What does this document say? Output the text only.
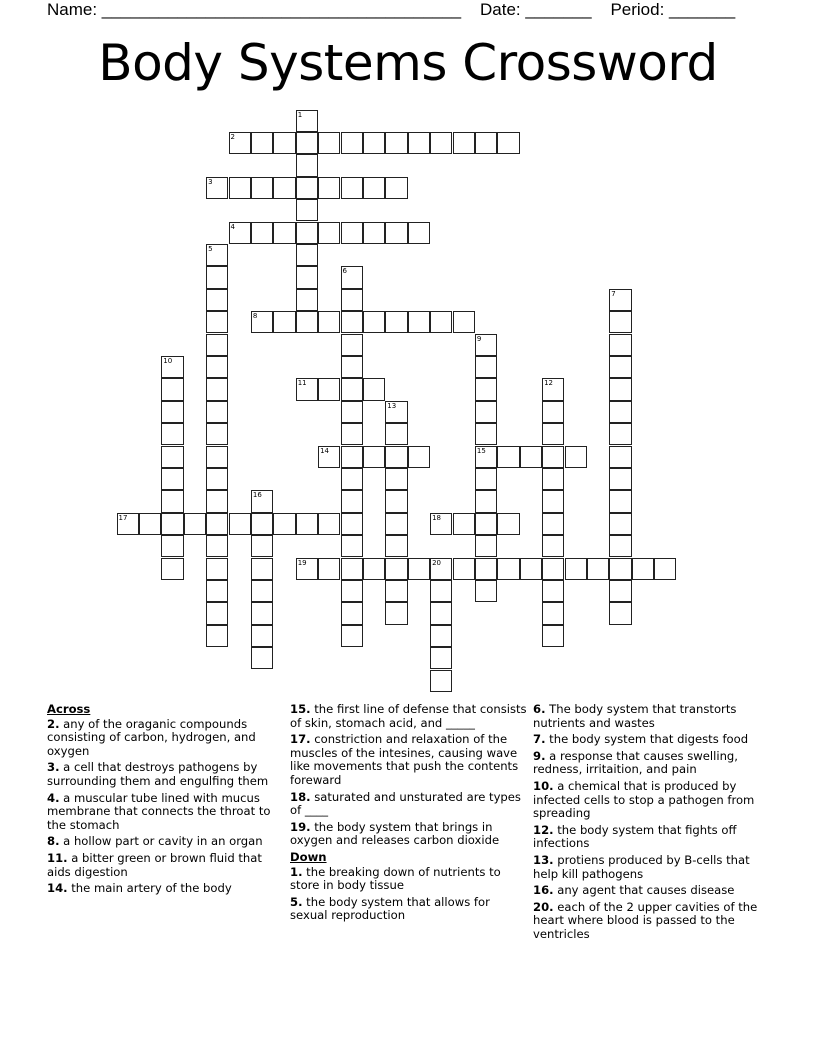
Name: ______________________________________ Date: _______ Period: _______
Body Systems Crossword
1
2
3
4
5
6
7
8
9
15
10
11	12
13
14
16
17	18
19	20
Across
2. any of the oraganic compounds consisting of carbon, hydrogen, and oxygen
3. a cell that destroys pathogens by surrounding them and engulfing them
4. a muscular tube lined with mucus membrane that connects the throat to the stomach
8. a hollow part or cavity in an organ
11. a bitter green or brown fluid that aids digestion
14. the main artery of the body
15. the first line of defense that consists of skin, stomach acid, and _____
17. constriction and relaxation of the muscles of the intesines, causing wave like movements that push the contents foreward
18. saturated and unsturated are types of ____
19. the body system that brings in oxygen and releases carbon dioxide
Down
1. the breaking down of nutrients to store in body tissue
5. the body system that allows for sexual reproduction
6. The body system that transtorts nutrients and wastes
7. the body system that digests food
9. a response that causes swelling, redness, irritaition, and pain
10. a chemical that is produced by infected cells to stop a pathogen from spreading
12. the body system that fights off infections
13. protiens produced by B-cells that help kill pathogens
16. any agent that causes disease
20. each of the 2 upper cavities of the heart where blood is passed to the ventricles
